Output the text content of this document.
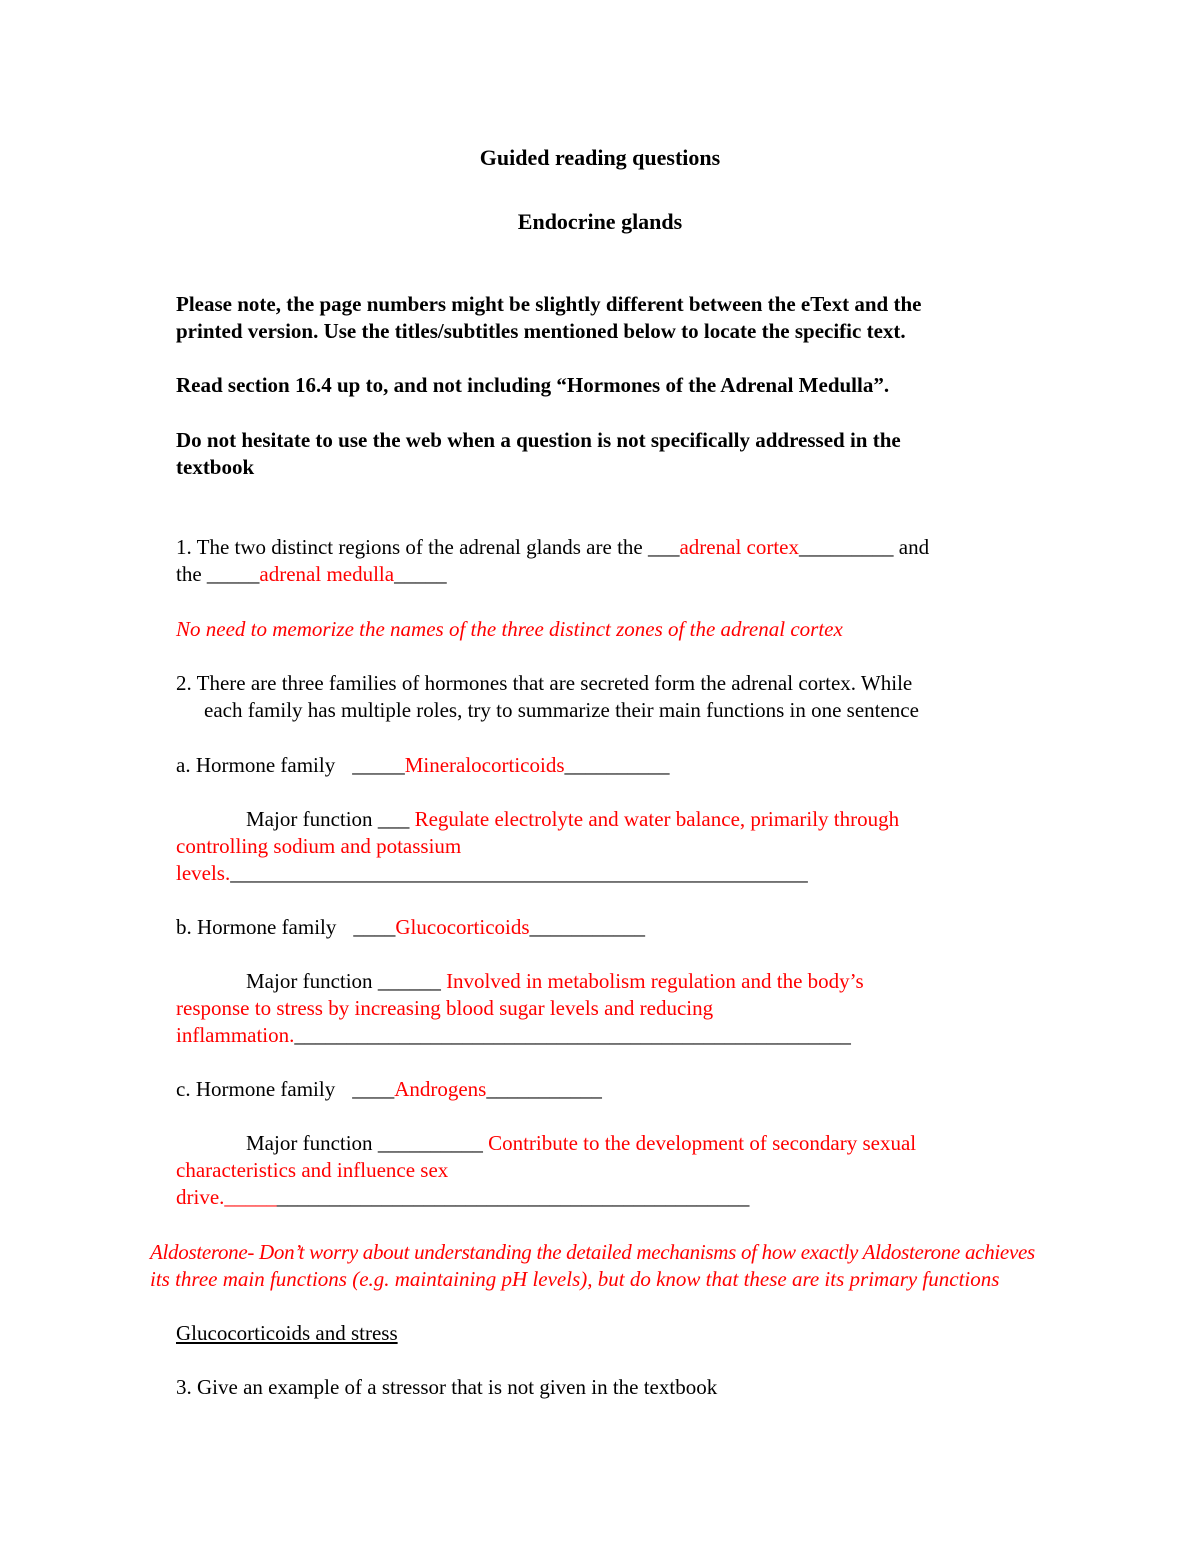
Guided reading questions
Endocrine glands
Please note, the page numbers might be slightly different between the eText and the
printed version. Use the titles/subtitles mentioned below to locate the specific text.
Read section 16.4 up to, and not including “Hormones of the Adrenal Medulla”.
Do not hesitate to use the web when a question is not specifically addressed in the
textbook
1. The two distinct regions of the adrenal glands are the ___adrenal cortex_________ and
the _____adrenal medulla_____
No need to memorize the names of the three distinct zones of the adrenal cortex
2. There are three families of hormones that are secreted form the adrenal cortex. While
each family has multiple roles, try to summarize their main functions in one sentence
a. Hormone family _____Mineralocorticoids__________
Major function ___ Regulate electrolyte and water balance, primarily through
controlling sodium and potassium
levels._______________________________________________________
b. Hormone family ____Glucocorticoids___________
Major function ______ Involved in metabolism regulation and the body’s
response to stress by increasing blood sugar levels and reducing
inflammation._____________________________________________________
c. Hormone family ____Androgens___________
Major function __________ Contribute to the development of secondary sexual
characteristics and influence sex
drive.__________________________________________________
Aldosterone- Don’t worry about understanding the detailed mechanisms of how exactly Aldosterone achieves
its three main functions (e.g. maintaining pH levels), but do know that these are its primary functions
Glucocorticoids and stress
3. Give an example of a stressor that is not given in the textbook
